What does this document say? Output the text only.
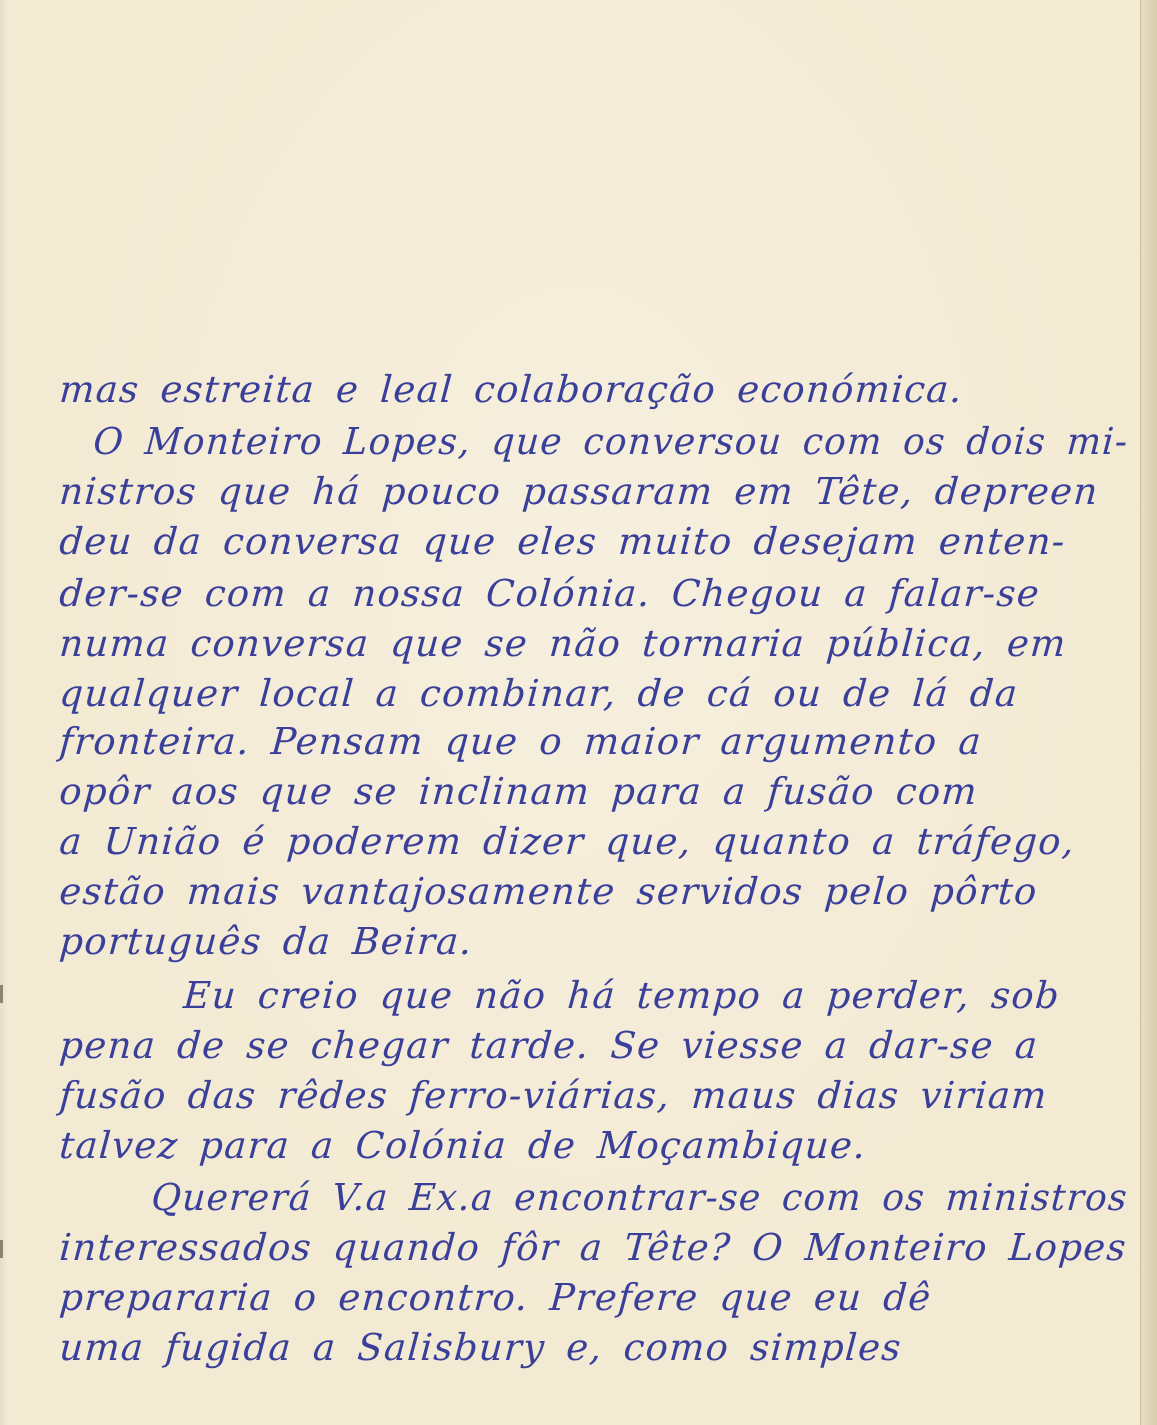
mas estreita e leal colaboração económica.
O Monteiro Lopes, que conversou com os dois mi-
nistros que há pouco passaram em Tête, depreen
deu da conversa que eles muito desejam enten-
der-se com a nossa Colónia. Chegou a falar-se
numa conversa que se não tornaria pública, em
qualquer local a combinar, de cá ou de lá da
fronteira. Pensam que o maior argumento a
opôr aos que se inclinam para a fusão com
a União é poderem dizer que, quanto a tráfego,
estão mais vantajosamente servidos pelo pôrto
português da Beira.
Eu creio que não há tempo a perder, sob
pena de se chegar tarde. Se viesse a dar-se a
fusão das rêdes ferro-viárias, maus dias viriam
talvez para a Colónia de Moçambique.
Quererá V.a Ex.a encontrar-se com os ministros
interessados quando fôr a Tête? O Monteiro Lopes
prepararia o encontro. Prefere que eu dê
uma fugida a Salisbury e, como simples
